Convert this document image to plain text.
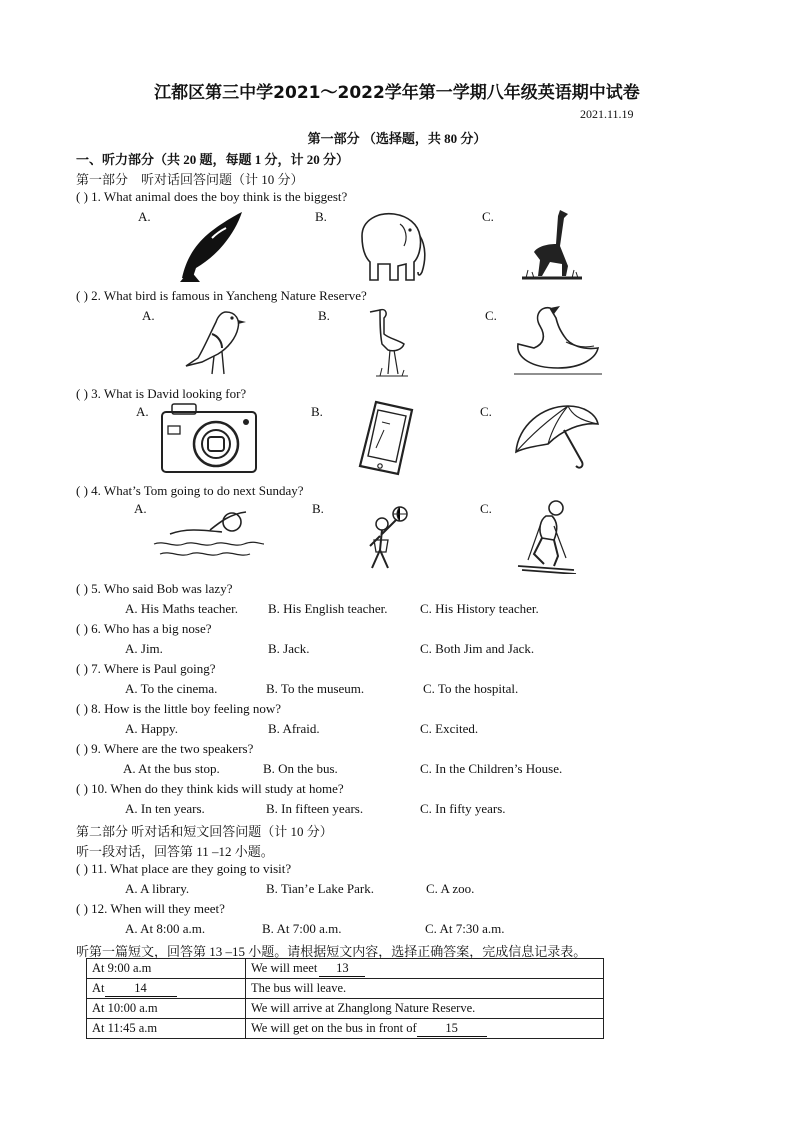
江都区第三中学2021～2022学年第一学期八年级英语期中试卷
2021.11.19
第一部分 （选择题，共 80 分）
一、听力部分（共 20 题，每题 1 分，计 20 分）
第一部分　听对话回答问题（计 10 分）
( ) 1. What animal does the boy think is the biggest?
A.	B.	C.
( ) 2. What bird is famous in Yancheng Nature Reserve?
A.	B.	C.
( ) 3. What is David looking for?
A.	B.	C.
( ) 4. What’s Tom going to do next Sunday?
A.	B.	C.
( ) 5. Who said Bob was lazy?
A. His Maths teacher. B. His English teacher. C. His History teacher.
( ) 6. Who has a big nose?
A. Jim.	B. Jack.	C. Both Jim and Jack.
( ) 7. Where is Paul going?
A. To the cinema.	B. To the museum.	C. To the hospital.
( ) 8. How is the little boy feeling now?
A. Happy.	B. Afraid.	C. Excited.
( ) 9. Where are the two speakers?
A. At the bus stop.	B. On the bus.	C. In the Children’s House.
( ) 10. When do they think kids will study at home?
A. In ten years.	B. In fifteen years.	C. In fifty years.
第二部分 听对话和短文回答问题（计 10 分）
听一段对话，回答第 11 –12 小题。
( ) 11. What place are they going to visit?
A. A library.	B. Tian’e Lake Park.	C. A zoo.
( ) 12. When will they meet?
A. At 8:00 a.m.	B. At 7:00 a.m.	C. At 7:30 a.m.
听第一篇短文，回答第 13 –15 小题。请根据短文内容，选择正确答案，完成信息记录表。
At 9:00 a.m	We will meet 13
At 14	The bus will leave.
At 10:00 a.m	We will arrive at Zhanglong Nature Reserve.
At 11:45 a.m	We will get on the bus in front of 15
